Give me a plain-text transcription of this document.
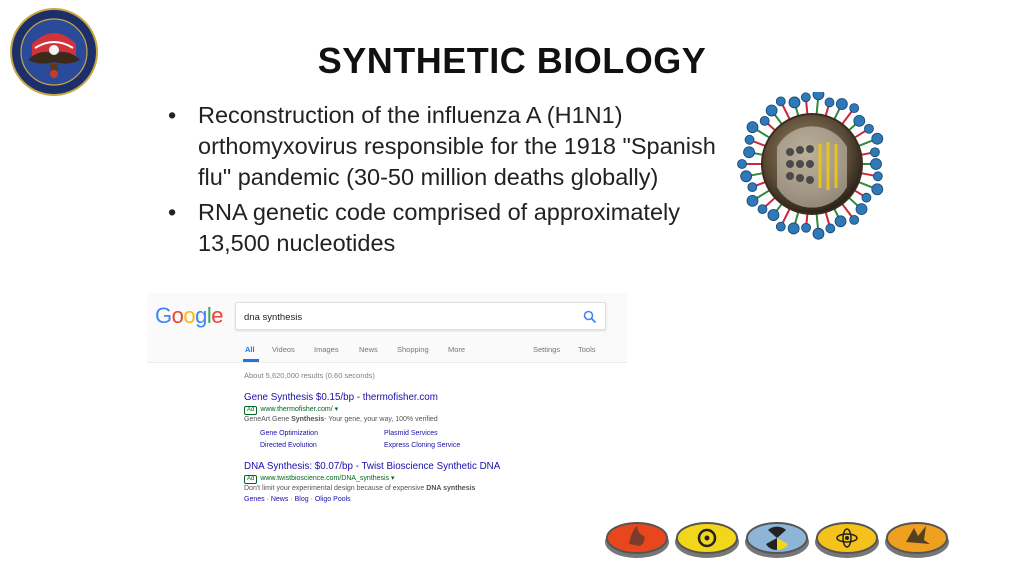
SYNTHETIC BIOLOGY
• Reconstruction of the influenza A (H1N1) orthomyxovirus responsible for the 1918 "Spanish flu" pandemic (30-50 million deaths globally)
• RNA genetic code comprised of approximately 13,500 nucleotides
Google
dna synthesis
All Videos	Images	News	Shopping	More	Settings Tools
About 5,620,000 results (0.60 seconds)
Gene Synthesis $0.15/bp - thermofisher.com
Ad www.thermofisher.com/ ▾
GeneArt Gene Synthesis- Your gene, your way, 100% verified
Gene Optimization	Plasmid Services
Directed Evolution	Express Cloning Service
DNA Synthesis: $0.07/bp - Twist Bioscience Synthetic DNA
Ad www.twistbioscience.com/DNA_synthesis ▾
Don't limit your experimental design because of expensive DNA synthesis
Genes · News · Blog · Oligo Pools
